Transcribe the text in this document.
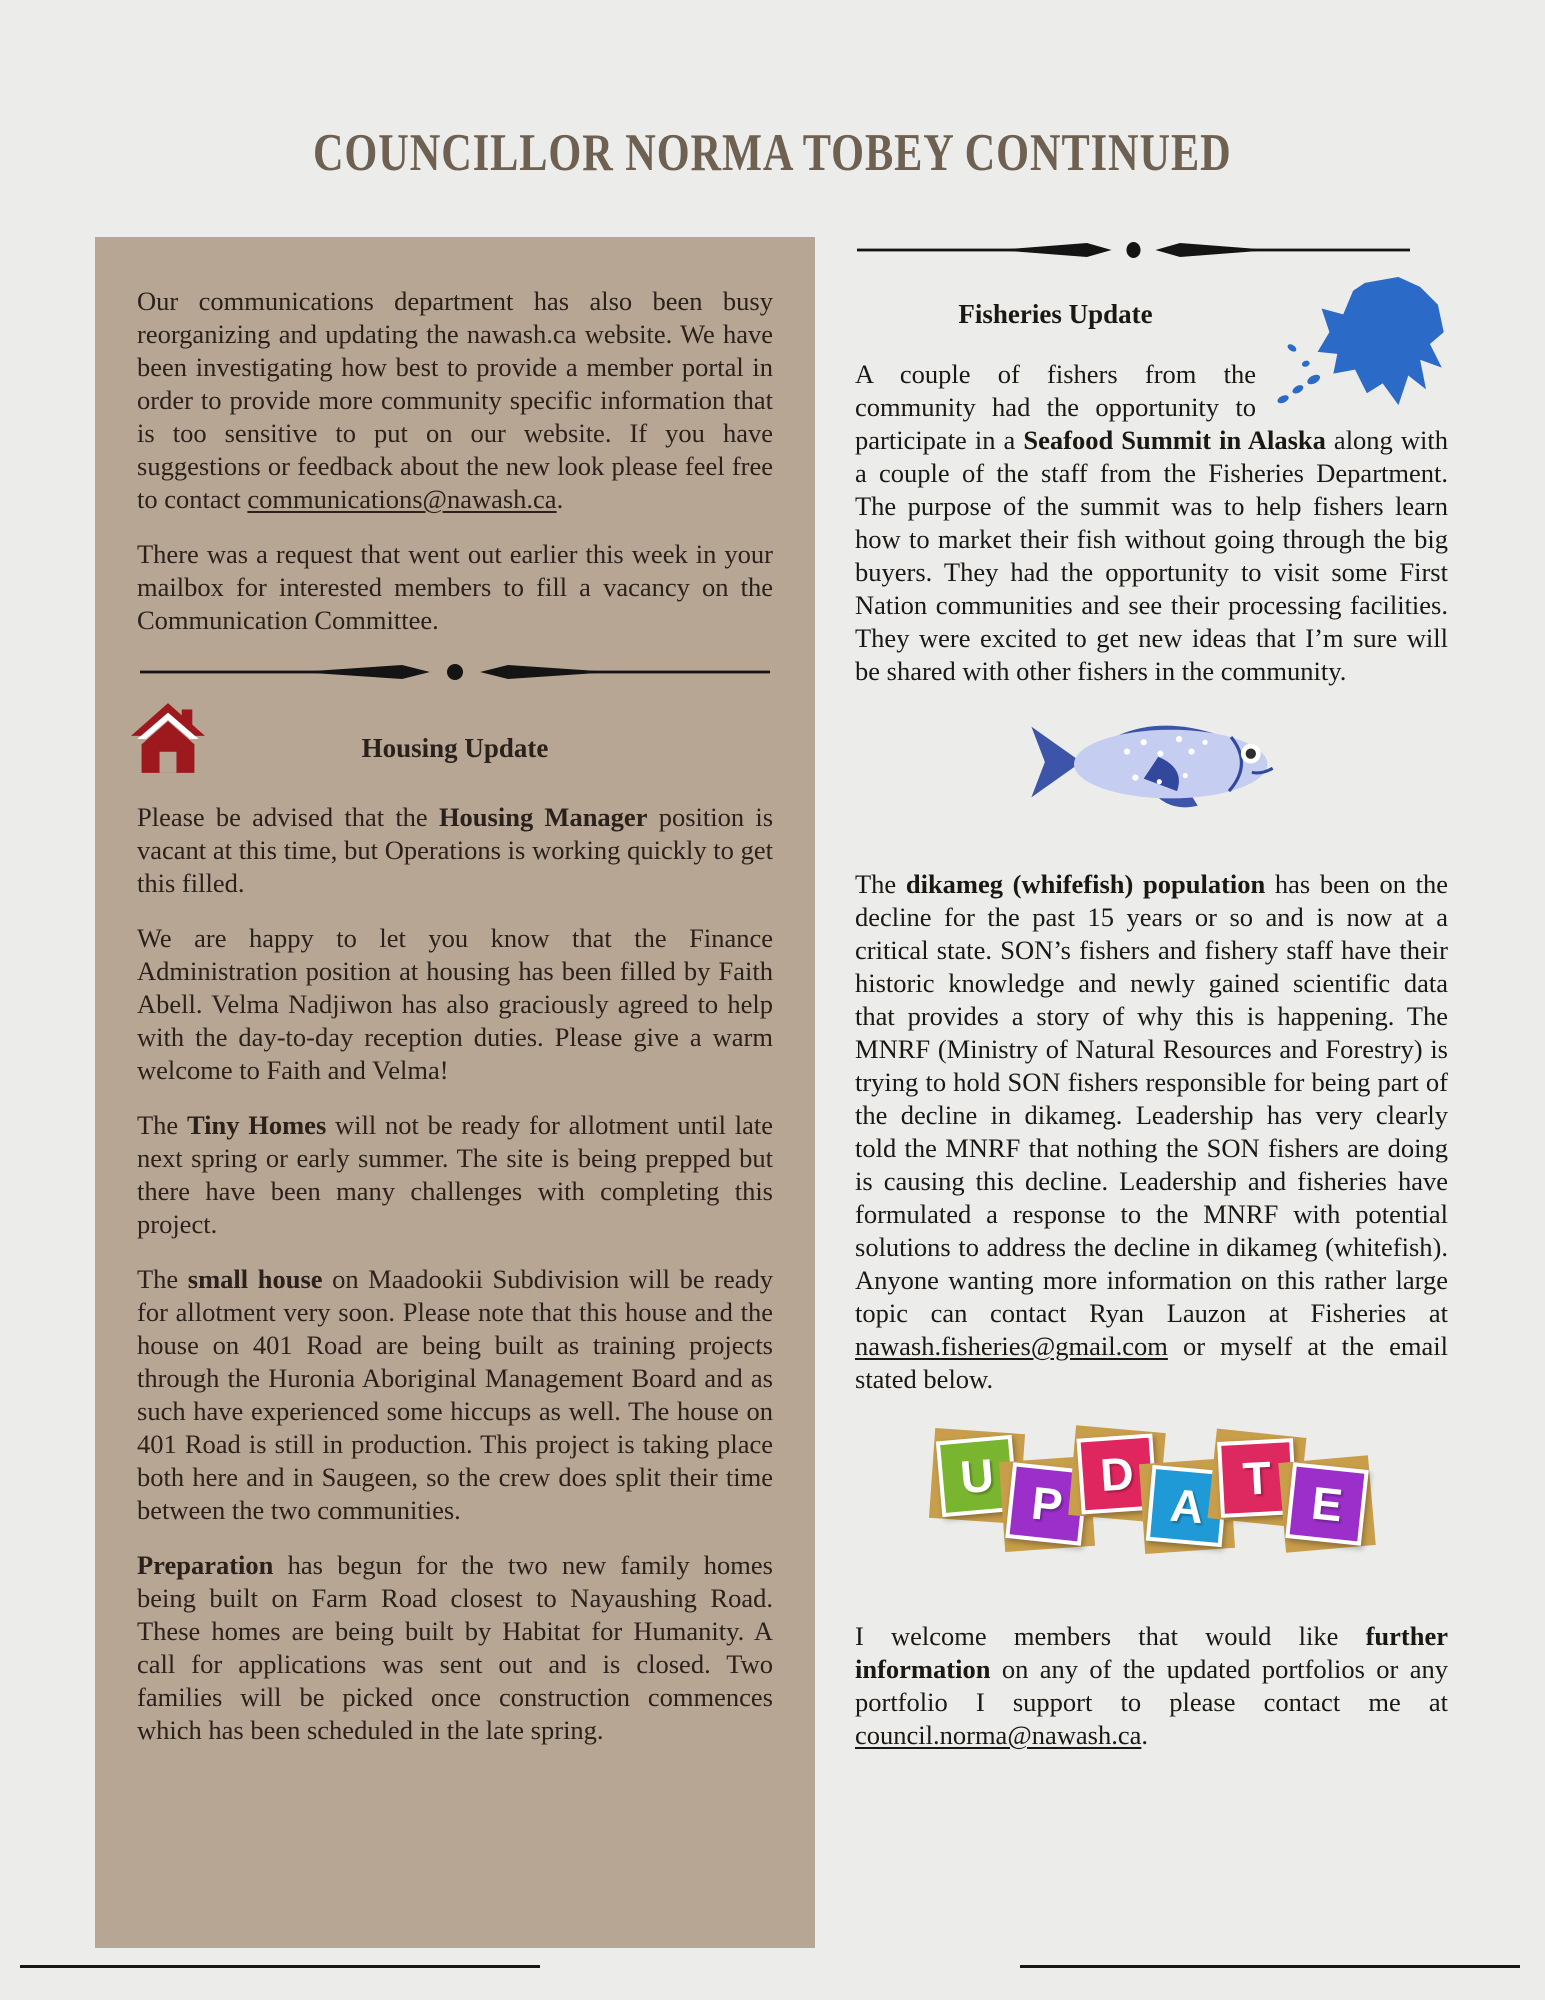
COUNCILLOR NORMA TOBEY CONTINUED

Our communications department has also been busy reorganizing and updating the nawash.ca website. We have been investigating how best to provide a member portal in order to provide more community specific information that is too sensitive to put on our website. If you have suggestions or feedback about the new look please feel free to contact communications@nawash.ca.

There was a request that went out earlier this week in your mailbox for interested members to fill a vacancy on the Communication Committee.

Housing Update

Please be advised that the Housing Manager position is vacant at this time, but Operations is working quickly to get this filled.

We are happy to let you know that the Finance Administration position at housing has been filled by Faith Abell. Velma Nadjiwon has also graciously agreed to help with the day-to-day reception duties. Please give a warm welcome to Faith and Velma!

The Tiny Homes will not be ready for allotment until late next spring or early summer. The site is being prepped but there have been many challenges with completing this project.

The small house on Maadookii Subdivision will be ready for allotment very soon. Please note that this house and the house on 401 Road are being built as training projects through the Huronia Aboriginal Management Board and as such have experienced some hiccups as well. The house on 401 Road is still in production. This project is taking place both here and in Saugeen, so the crew does split their time between the two communities.

Preparation has begun for the two new family homes being built on Farm Road closest to Nayaushing Road. These homes are being built by Habitat for Humanity. A call for applications was sent out and is closed. Two families will be picked once construction commences which has been scheduled in the late spring.

Fisheries Update

A couple of fishers from the community had the opportunity to participate in a Seafood Summit in Alaska along with a couple of the staff from the Fisheries Department. The purpose of the summit was to help fishers learn how to market their fish without going through the big buyers. They had the opportunity to visit some First Nation communities and see their processing facilities. They were excited to get new ideas that I’m sure will be shared with other fishers in the community.

The dikameg (whifefish) population has been on the decline for the past 15 years or so and is now at a critical state. SON’s fishers and fishery staff have their historic knowledge and newly gained scientific data that provides a story of why this is happening. The MNRF (Ministry of Natural Resources and Forestry) is trying to hold SON fishers responsible for being part of the decline in dikameg. Leadership has very clearly told the MNRF that nothing the SON fishers are doing is causing this decline. Leadership and fisheries have formulated a response to the MNRF with potential solutions to address the decline in dikameg (whitefish). Anyone wanting more information on this rather large topic can contact Ryan Lauzon at Fisheries at nawash.fisheries@gmail.com or myself at the email stated below.

U
P
D
A
T E

I welcome members that would like further information on any of the updated portfolios or any portfolio I support to please contact me at council.norma@nawash.ca.
